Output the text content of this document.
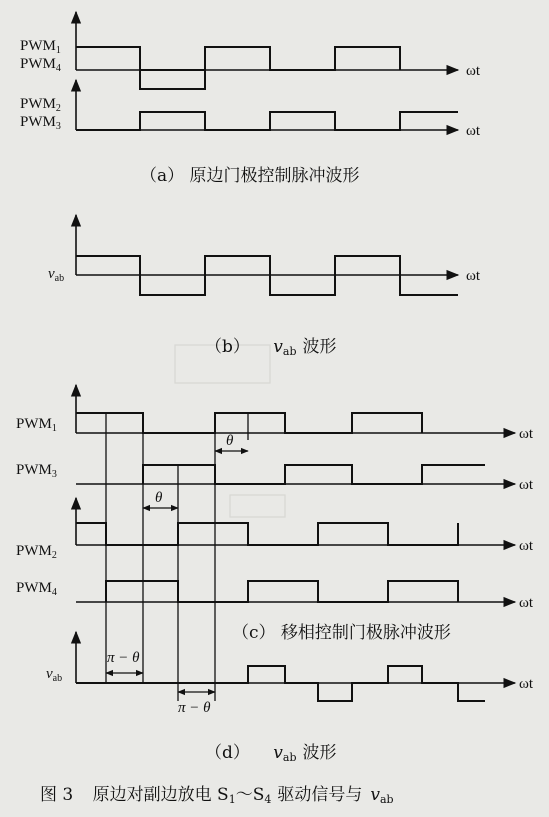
$PWM_1$
$PWM_4$	ωt
$PWM_2$
$PWM_3$	ωt
（a） 原边门极控制脉冲波形
$v_{ab}$	ωt
（b） vab 波形
$PWM_1$	ωt
$PWM_3$
ωt
$PWM_2$
ωt
$PWM_4$
ωt
θ
θ
（c） 移相控制门极脉冲波形
$v_{ab}$	ωt
π − θ
π − θ
（d） vab 波形
图 3 原边对副边放电 S1～S4 驱动信号与 vab
